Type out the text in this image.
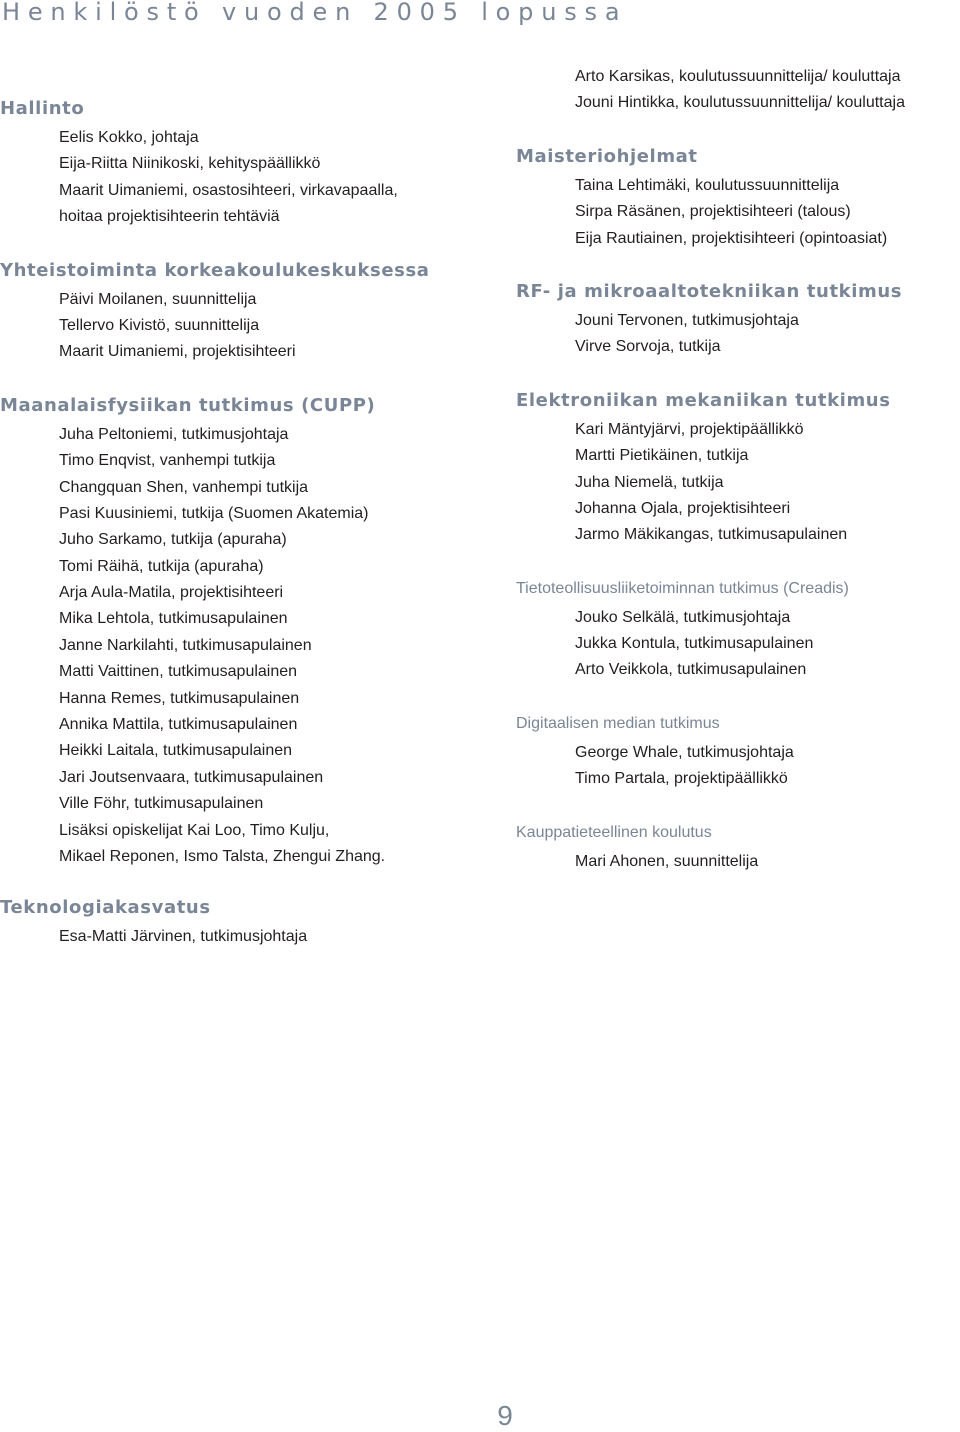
Henkilöstö vuoden 2005 lopussa
Hallinto
Eelis Kokko, johtaja
Eija-Riitta Niinikoski, kehityspäällikkö
Maarit Uimaniemi, osastosihteeri, virkavapaalla,
hoitaa projektisihteerin tehtäviä
Yhteistoiminta korkeakoulukeskuksessa
Päivi Moilanen, suunnittelija
Tellervo Kivistö, suunnittelija
Maarit Uimaniemi, projektisihteeri
Maanalaisfysiikan tutkimus (CUPP)
Juha Peltoniemi, tutkimusjohtaja
Timo Enqvist, vanhempi tutkija
Changquan Shen, vanhempi tutkija
Pasi Kuusiniemi, tutkija (Suomen Akatemia)
Juho Sarkamo, tutkija (apuraha)
Tomi Räihä, tutkija (apuraha)
Arja Aula-Matila, projektisihteeri
Mika Lehtola, tutkimusapulainen
Janne Narkilahti, tutkimusapulainen
Matti Vaittinen, tutkimusapulainen
Hanna Remes, tutkimusapulainen
Annika Mattila, tutkimusapulainen
Heikki Laitala, tutkimusapulainen
Jari Joutsenvaara, tutkimusapulainen
Ville Föhr, tutkimusapulainen
Lisäksi opiskelijat Kai Loo, Timo Kulju,
Mikael Reponen, Ismo Talsta, Zhengui Zhang.
Teknologiakasvatus
Esa-Matti Järvinen, tutkimusjohtaja
Arto Karsikas, koulutussuunnittelija/ kouluttaja
Jouni Hintikka, koulutussuunnittelija/ kouluttaja
Maisteriohjelmat
Taina Lehtimäki, koulutussuunnittelija
Sirpa Räsänen, projektisihteeri (talous)
Eija Rautiainen, projektisihteeri (opintoasiat)
RF- ja mikroaaltotekniikan tutkimus
Jouni Tervonen, tutkimusjohtaja
Virve Sorvoja, tutkija
Elektroniikan mekaniikan tutkimus
Kari Mäntyjärvi, projektipäällikkö
Martti Pietikäinen, tutkija
Juha Niemelä, tutkija
Johanna Ojala, projektisihteeri
Jarmo Mäkikangas, tutkimusapulainen
Tietoteollisuusliiketoiminnan tutkimus (Creadis)
Jouko Selkälä, tutkimusjohtaja
Jukka Kontula, tutkimusapulainen
Arto Veikkola, tutkimusapulainen
Digitaalisen median tutkimus
George Whale, tutkimusjohtaja
Timo Partala, projektipäällikkö
Kauppatieteellinen koulutus
Mari Ahonen, suunnittelija
9
